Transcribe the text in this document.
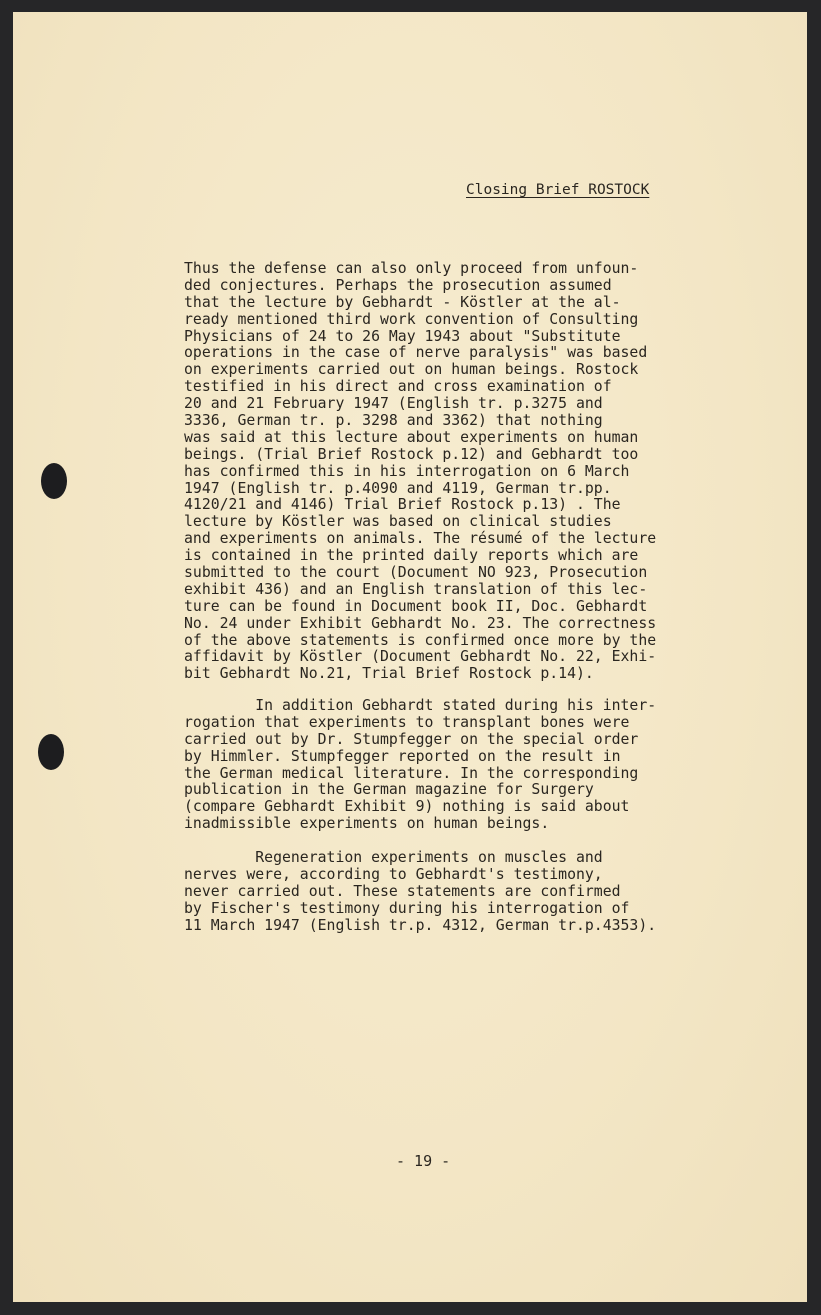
Closing Brief ROSTOCK
Thus the defense can also only proceed from unfoun-
ded conjectures. Perhaps the prosecution assumed
that the lecture by Gebhardt - Köstler at the al-
ready mentioned third work convention of Consulting
Physicians of 24 to 26 May 1943 about "Substitute
operations in the case of nerve paralysis" was based
on experiments carried out on human beings. Rostock
testified in his direct and cross examination of
20 and 21 February 1947 (English tr. p.3275 and
3336, German tr. p. 3298 and 3362) that nothing
was said at this lecture about experiments on human
beings. (Trial Brief Rostock p.12) and Gebhardt too
has confirmed this in his interrogation on 6 March
1947 (English tr. p.4090 and 4119, German tr.pp.
4120/21 and 4146) Trial Brief Rostock p.13) . The
lecture by Köstler was based on clinical studies
and experiments on animals. The résumé of the lecture
is contained in the printed daily reports which are
submitted to the court (Document NO 923, Prosecution
exhibit 436) and an English translation of this lec-
ture can be found in Document book II, Doc. Gebhardt
No. 24 under Exhibit Gebhardt No. 23. The correctness
of the above statements is confirmed once more by the
affidavit by Köstler (Document Gebhardt No. 22, Exhi-
bit Gebhardt No.21, Trial Brief Rostock p.14).
In addition Gebhardt stated during his inter-
rogation that experiments to transplant bones were
carried out by Dr. Stumpfegger on the special order
by Himmler. Stumpfegger reported on the result in
the German medical literature. In the corresponding
publication in the German magazine for Surgery
(compare Gebhardt Exhibit 9) nothing is said about
inadmissible experiments on human beings.
Regeneration experiments on muscles and
nerves were, according to Gebhardt's testimony,
never carried out. These statements are confirmed
by Fischer's testimony during his interrogation of
11 March 1947 (English tr.p. 4312, German tr.p.4353).
- 19 -
